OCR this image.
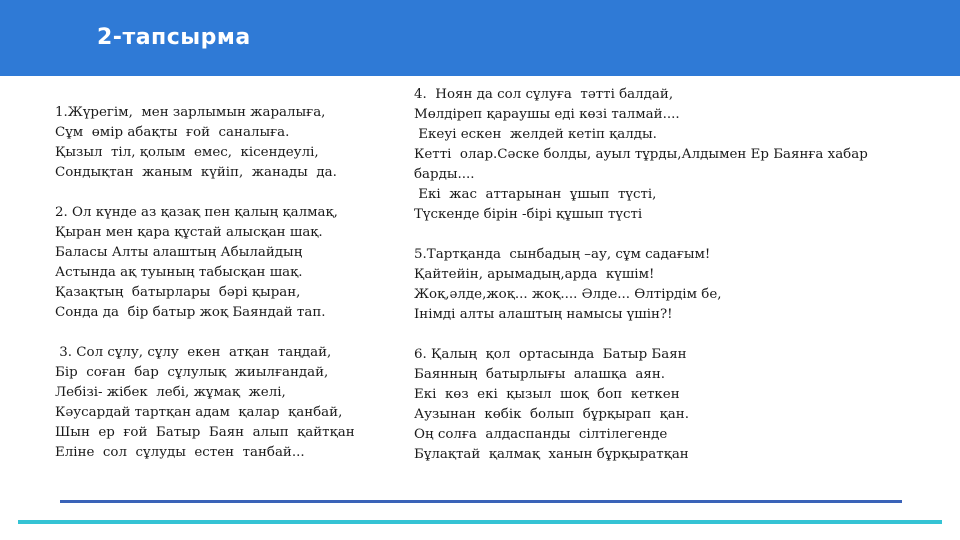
2-тапсырма

1.Жүрегім,  мен зарлымын жаралыға,
Сұм  өмір абақты  ғой  саналыға.
Қызыл  тіл, қолым  емес,  кісендеулі,
Сондықтан  жаным  күйіп,  жанады  да.

2. Ол күнде аз қазақ пен қалың қалмақ,
Қыран мен қара құстай алысқан шақ.
Баласы Алты алаштың Абылайдың
Астында ақ туының табысқан шақ.
Қазақтың  батырлары  бәрі қыран,
Сонда да  бір батыр жоқ Баяндай тап.

3. Сол сұлу, сұлу  екен  атқан  таңдай,
Бір  соған  бар  сұлулық  жиылғандай,
Лебізі- жібек  лебі, жұмақ  желі,
Кәусардай тартқан адам  қалар  қанбай,
Шын  ер  ғой  Батыр  Баян  алып  қайтқан
Еліне  сол  сұлуды  естен  танбай...

4.  Ноян да сол сұлуға  тәтті балдай,
Мөлдіреп қараушы еді көзі талмай....
Екеуі ескен  желдей кетіп қалды.
Кетті  олар.Сәске болды, ауыл тұрды,Алдымен Ер Баянға хабар
барды....
Екі  жас  аттарынан  ұшып  түсті,
Түскенде бірін -бірі құшып түсті

5.Тартқанда  сынбадың –ау, сұм садағым!
Қайтейін, арымадың,арда  күшім!
Жоқ,әлде,жоқ... жоқ.... Әлде... Өлтірдім бе,
Інімді алты алаштың намысы үшін?!

6. Қалың  қол  ортасында  Батыр Баян
Баянның  батырлығы  алашқа  аян.
Екі  көз  екі  қызыл  шоқ  боп  кеткен
Аузынан  көбік  болып  бұрқырап  қан.
Оң солға  алдаспанды  сілтілегенде
Бұлақтай  қалмақ  ханын бұрқыратқан
